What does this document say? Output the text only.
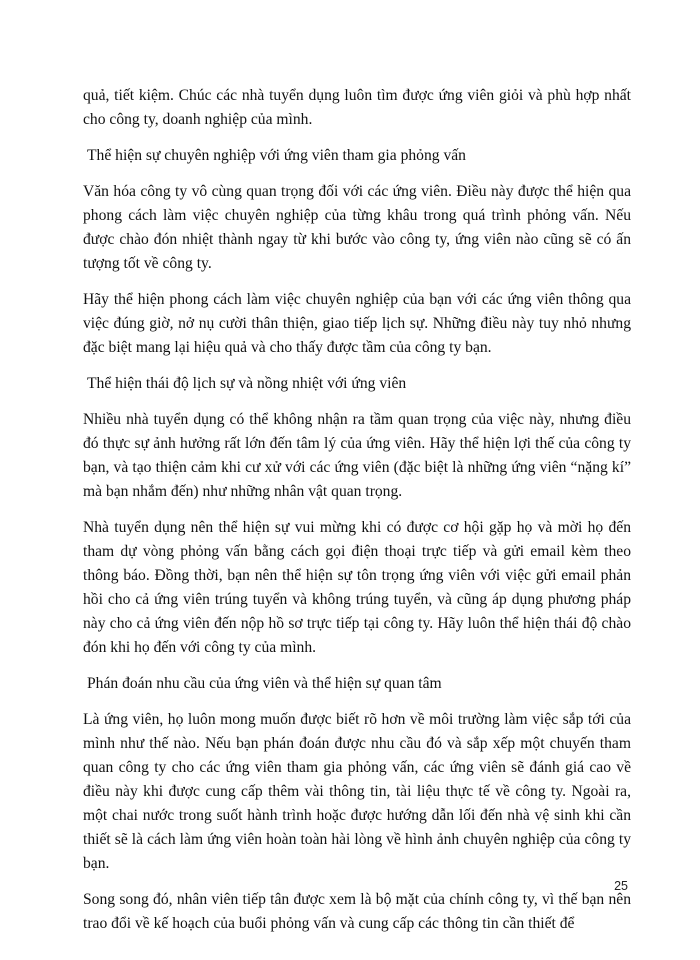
quả, tiết kiệm. Chúc các nhà tuyển dụng luôn tìm được ứng viên giỏi và phù hợp nhất cho công ty, doanh nghiệp của mình.

Thể hiện sự chuyên nghiệp với ứng viên tham gia phỏng vấn

Văn hóa công ty vô cùng quan trọng đối với các ứng viên. Điều này được thể hiện qua phong cách làm việc chuyên nghiệp của từng khâu trong quá trình phỏng vấn. Nếu được chào đón nhiệt thành ngay từ khi bước vào công ty, ứng viên nào cũng sẽ có ấn tượng tốt về công ty.

Hãy thể hiện phong cách làm việc chuyên nghiệp của bạn với các ứng viên thông qua việc đúng giờ, nở nụ cười thân thiện, giao tiếp lịch sự. Những điều này tuy nhỏ nhưng đặc biệt mang lại hiệu quả và cho thấy được tầm của công ty bạn.

Thể hiện thái độ lịch sự và nồng nhiệt với ứng viên

Nhiều nhà tuyển dụng có thể không nhận ra tầm quan trọng của việc này, nhưng điều đó thực sự ảnh hưởng rất lớn đến tâm lý của ứng viên. Hãy thể hiện lợi thế của công ty bạn, và tạo thiện cảm khi cư xử với các ứng viên (đặc biệt là những ứng viên “nặng kí” mà bạn nhắm đến) như những nhân vật quan trọng.

Nhà tuyển dụng nên thể hiện sự vui mừng khi có được cơ hội gặp họ và mời họ đến tham dự vòng phỏng vấn bằng cách gọi điện thoại trực tiếp và gửi email kèm theo thông báo. Đồng thời, bạn nên thể hiện sự tôn trọng ứng viên với việc gửi email phản hồi cho cả ứng viên trúng tuyển và không trúng tuyển, và cũng áp dụng phương pháp này cho cả ứng viên đến nộp hồ sơ trực tiếp tại công ty. Hãy luôn thể hiện thái độ chào đón khi họ đến với công ty của mình.

Phán đoán nhu cầu của ứng viên và thể hiện sự quan tâm

Là ứng viên, họ luôn mong muốn được biết rõ hơn về môi trường làm việc sắp tới của mình như thế nào. Nếu bạn phán đoán được nhu cầu đó và sắp xếp một chuyến tham quan công ty cho các ứng viên tham gia phỏng vấn, các ứng viên sẽ đánh giá cao về điều này khi được cung cấp thêm vài thông tin, tài liệu thực tế về công ty. Ngoài ra, một chai nước trong suốt hành trình hoặc được hướng dẫn lối đến nhà vệ sinh khi cần thiết sẽ là cách làm ứng viên hoàn toàn hài lòng về hình ảnh chuyên nghiệp của công ty bạn.

Song song đó, nhân viên tiếp tân được xem là bộ mặt của chính công ty, vì thế bạn nên trao đổi về kế hoạch của buổi phỏng vấn và cung cấp các thông tin cần thiết để

25
